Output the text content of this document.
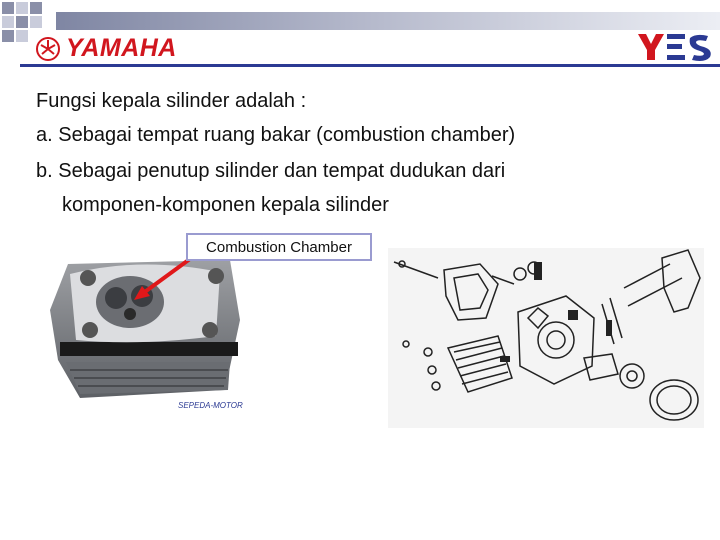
YAMAHA
YES
Fungsi kepala silinder adalah :
a. Sebagai tempat ruang bakar (combustion chamber)
b. Sebagai penutup silinder dan tempat dudukan dari
komponen-komponen kepala silinder
SEPEDA-MOTOR
Combustion Chamber
